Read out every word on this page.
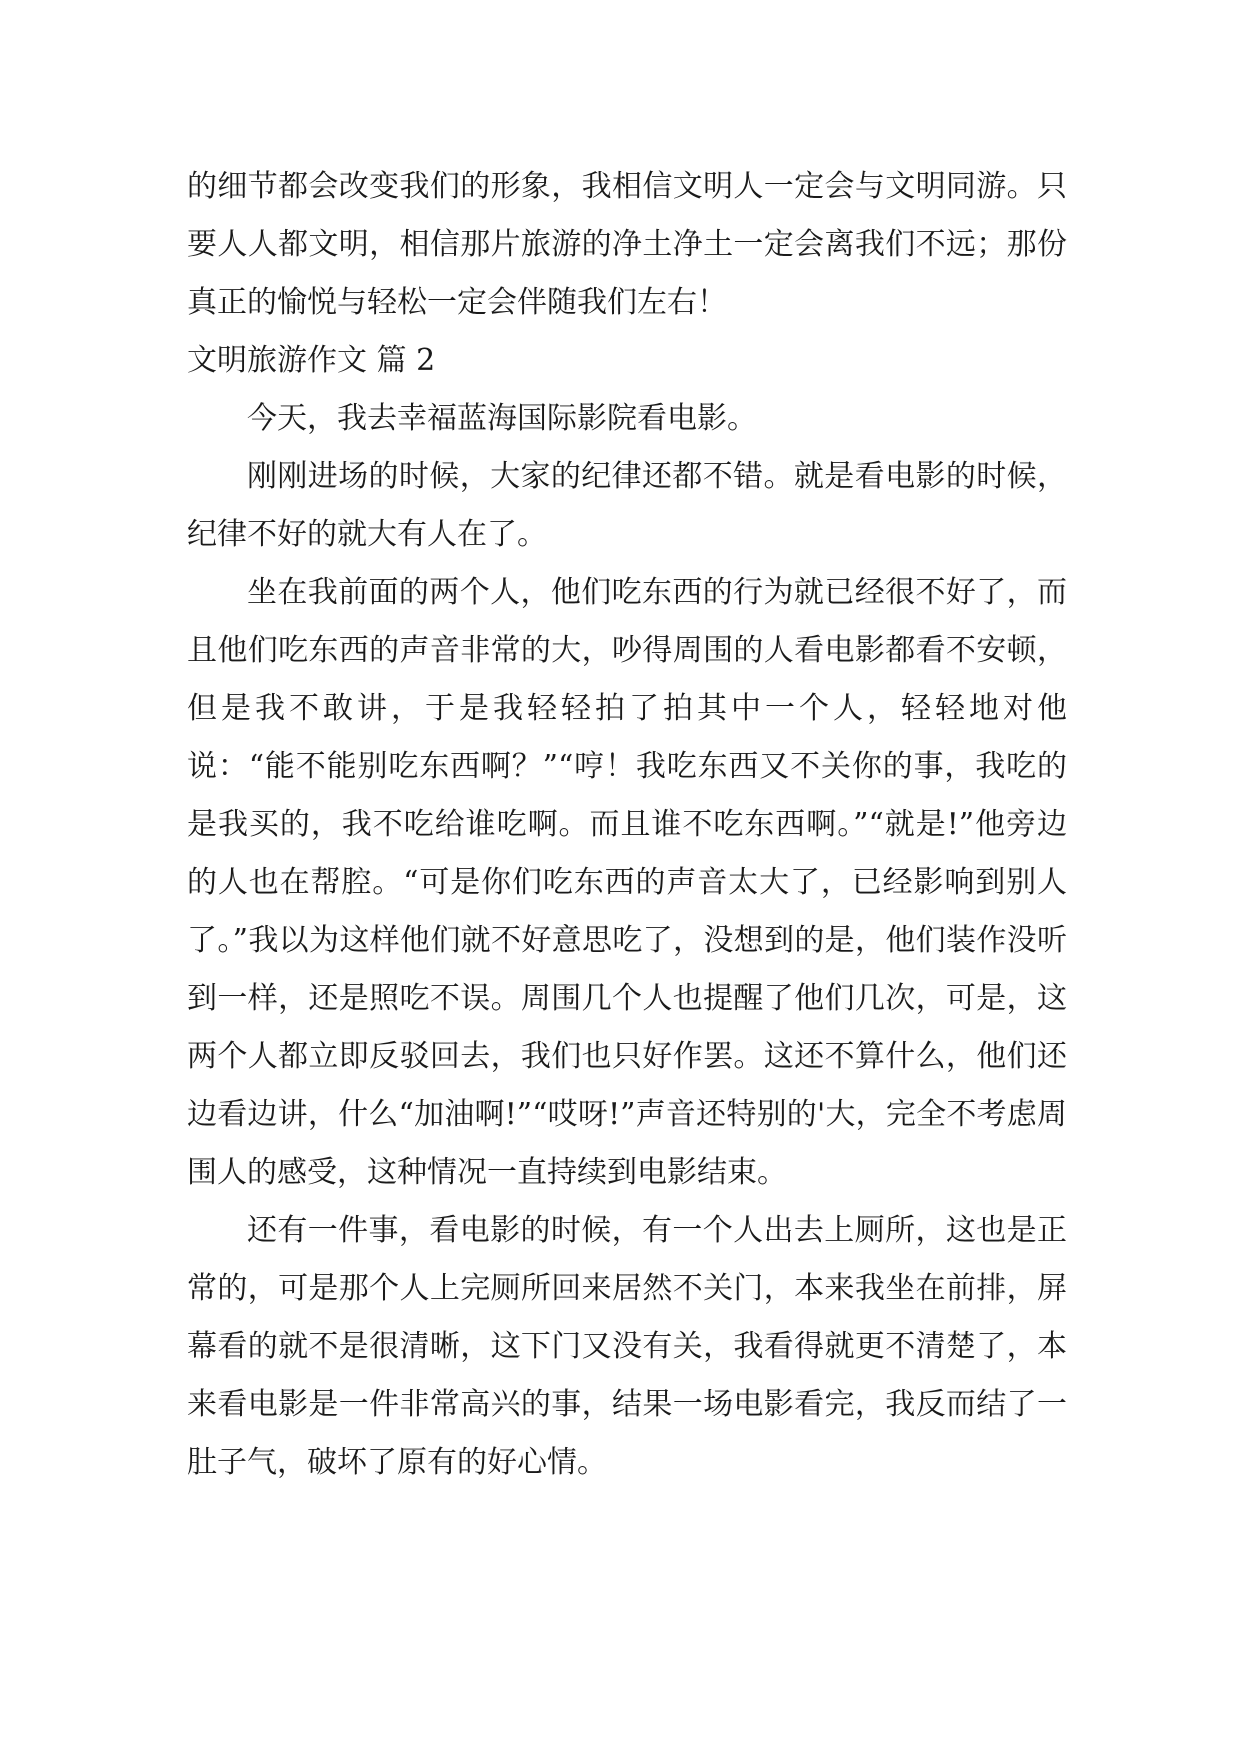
的细节都会改变我们的形象，我相信文明人一定会与文明同游。只要人人都文明，相信那片旅游的净土净土一定会离我们不远；那份真正的愉悦与轻松一定会伴随我们左右！

文明旅游作文 篇 2

今天，我去幸福蓝海国际影院看电影。

刚刚进场的时候，大家的纪律还都不错。就是看电影的时候，纪律不好的就大有人在了。

坐在我前面的两个人，他们吃东西的行为就已经很不好了，而且他们吃东西的声音非常的大，吵得周围的人看电影都看不安顿，但是我不敢讲，于是我轻轻拍了拍其中一个人，轻轻地对他说：“能不能别吃东西啊？”“哼！我吃东西又不关你的事，我吃的是我买的，我不吃给谁吃啊。而且谁不吃东西啊。”“就是!”他旁边的人也在帮腔。“可是你们吃东西的声音太大了，已经影响到别人了。”我以为这样他们就不好意思吃了，没想到的是，他们装作没听到一样，还是照吃不误。周围几个人也提醒了他们几次，可是，这两个人都立即反驳回去，我们也只好作罢。这还不算什么，他们还边看边讲，什么“加油啊!”“哎呀!”声音还特别的'大，完全不考虑周围人的感受，这种情况一直持续到电影结束。

还有一件事，看电影的时候，有一个人出去上厕所，这也是正常的，可是那个人上完厕所回来居然不关门，本来我坐在前排，屏幕看的就不是很清晰，这下门又没有关，我看得就更不清楚了，本来看电影是一件非常高兴的事，结果一场电影看完，我反而结了一肚子气，破坏了原有的好心情。
